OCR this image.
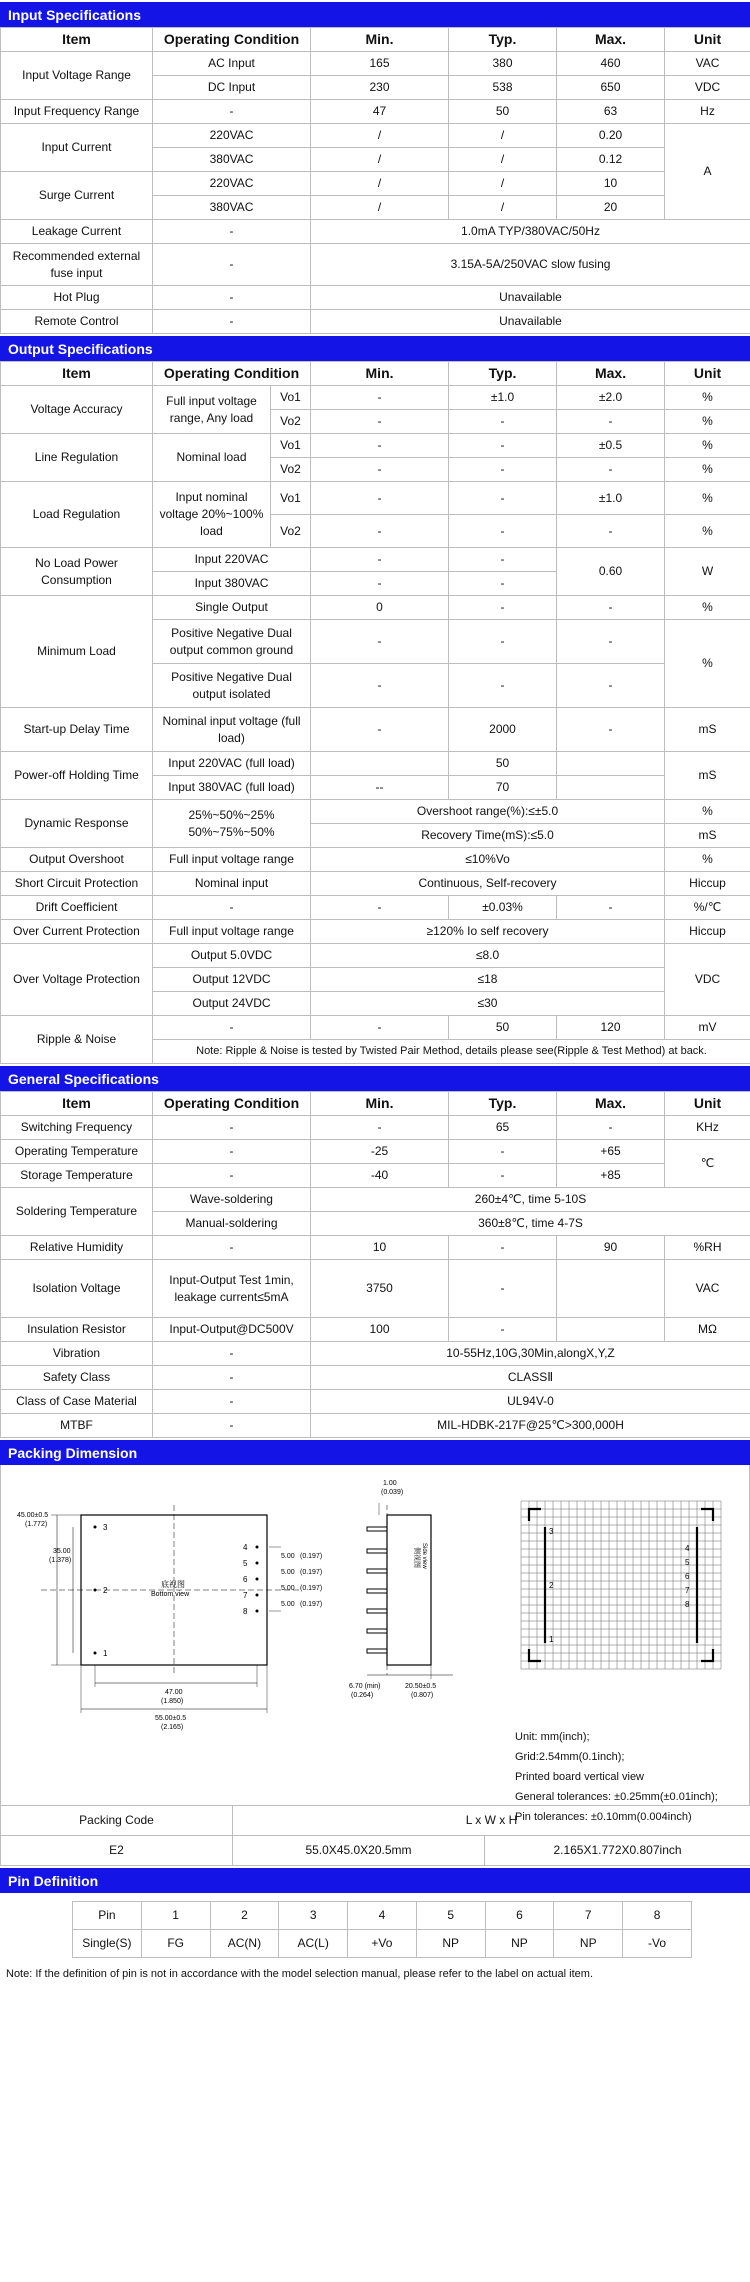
Input Specifications
Item	Operating Condition	Min.	Typ.	Max.	Unit
Input Voltage Range	AC Input	165	380	460	VAC
	DC Input	230	538	650	VDC
Input Frequency Range	-	47	50	63	Hz
Input Current	220VAC	/	/	0.20	A
	380VAC	/	/	0.12	
Surge Current	220VAC	/	/	10	
	380VAC	/	/	20	
Leakage Current	-	1.0mA TYP/380VAC/50Hz			
Recommended external fuse input	-	3.15A-5A/250VAC slow fusing			
Hot Plug	-	Unavailable			
Remote Control	-	Unavailable			
Output Specifications
Item	Operating Condition		Min.	Typ.	Max.	Unit
Voltage Accuracy	Full input voltage range, Any load	Vo1	-	±1.0	±2.0	%
		Vo2	-	-	-	%
Line Regulation	Nominal load	Vo1	-	-	±0.5	%
		Vo2	-	-	-	%
Load Regulation	Input nominal voltage 20%~100% load	Vo1	-	-	±1.0	%
		Vo2	-	-	-	%
No Load Power Consumption	Input 220VAC		-	-	0.60	W
	Input 380VAC		-	-		
Minimum Load	Single Output		0	-	-	%
	Positive Negative Dual output common ground		-	-	-	%
	Positive Negative Dual output isolated		-	-	-	
Start-up Delay Time	Nominal input voltage (full load)		-	2000	-	mS
Power-off Holding Time	Input 220VAC (full load)			50		mS
	Input 380VAC (full load)		--	70		
Dynamic Response	25%~50%~25% 50%~75%~50%		Overshoot range(%):≤±5.0			%
			Recovery Time(mS):≤5.0			mS
Output Overshoot	Full input voltage range		≤10%Vo			%
Short Circuit Protection	Nominal input		Continuous, Self-recovery			Hiccup
Drift Coefficient	-		-	±0.03%	-	%/℃
Over Current Protection	Full input voltage range		≥120% Io self recovery			Hiccup
Over Voltage Protection	Output 5.0VDC		≤8.0			VDC
	Output 12VDC		≤18			
	Output 24VDC		≤30			
Ripple & Noise	-		-	50	120	mV
	Note: Ripple & Noise is tested by Twisted Pair Method, details please see(Ripple & Test Method) at back.					
General Specifications
Item	Operating Condition	Min.	Typ.	Max.	Unit
Switching Frequency	-	-	65	-	KHz
Operating Temperature	-	-25	-	+65	℃
Storage Temperature	-	-40	-	+85	
Soldering Temperature	Wave-soldering	260±4℃, time 5-10S			
	Manual-soldering	360±8℃, time 4-7S			
Relative Humidity	-	10	-	90	%RH
Isolation Voltage	Input-Output Test 1min, leakage current≤5mA	3750	-		VAC
Insulation Resistor	Input-Output@DC500V	100	-		MΩ
Vibration	-	10-55Hz,10G,30Min,alongX,Y,Z			
Safety Class	-	CLASSⅡ			
Class of Case Material	-	UL94V-0			
MTBF	-	MIL-HDBK-217F@25℃>300,000H			
Packing Dimension
底视图
Bottom view
3
2
1
4
5
6
7
8
5.00 (0.197)
5.00 (0.197)
5.00 (0.197)
5.00 (0.197)
45.00±0.5
(1.772)
35.00
(1.378)
47.00
(1.850)
55.00±0.5
(2.165)
侧视图 Side view
1.00
(0.039)
6.70 (min)
(0.264)
20.50±0.5
(0.807)
3
2
1
4
5
6
7
8
Unit: mm(inch);
Grid:2.54mm(0.1inch);
Printed board vertical view
General tolerances: ±0.25mm(±0.01inch);
Pin tolerances: ±0.10mm(0.004inch)
Packing Code	L x W x H	
E2	55.0X45.0X20.5mm	2.165X1.772X0.807inch
Pin Definition
Pin	1	2	3	4	5	6	7	8
Single(S)	FG	AC(N)	AC(L)	+Vo	NP	NP	NP	-Vo
Note: If the definition of pin is not in accordance with the model selection manual, please refer to the label on actual item.
